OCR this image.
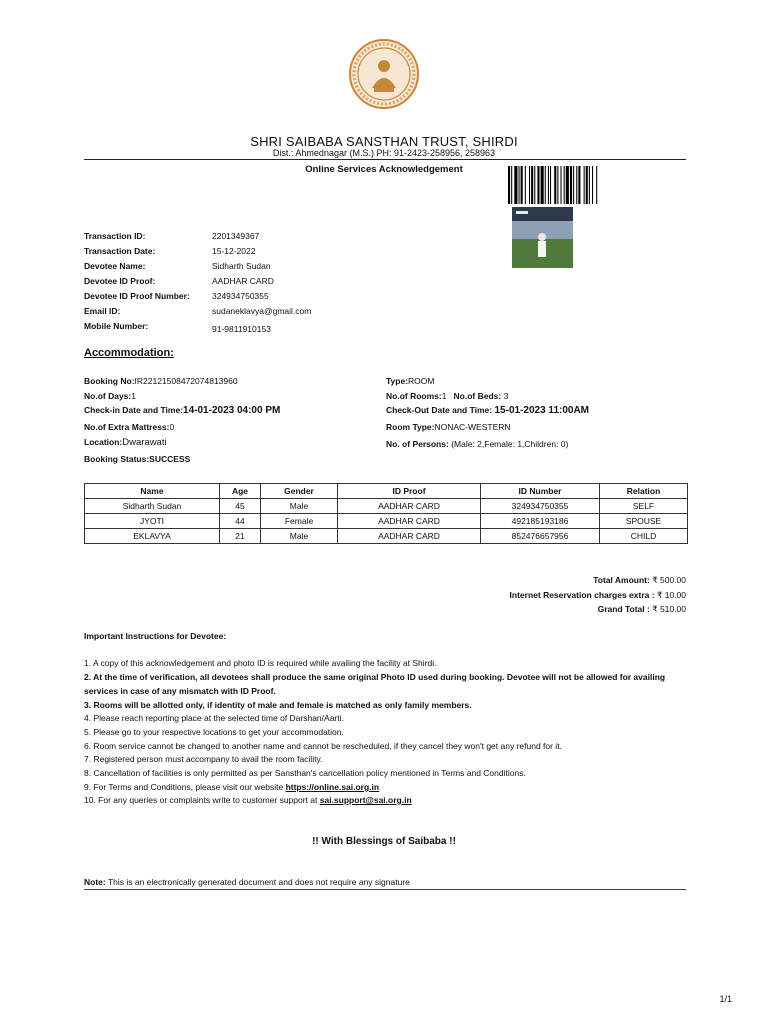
SHRI SAIBABA SANSTHAN TRUST, SHIRDI
Dist.: Ahmednagar (M.S.) PH: 91-2423-258956, 258963
Online Services Acknowledgement
Transaction ID:	2201349367
Transaction Date:	15-12-2022
Devotee Name:	Sidharth Sudan
Devotee ID Proof:	AADHAR CARD
Devotee ID Proof Number:	324934750355
Email ID:	sudaneklavya@gmail.com
Mobile Number:	91-9811910153
Accommodation:
Booking No:IR22121508472074813960
No.of Days:1
Check-in Date and Time:14-01-2023 04:00 PM
No.of Extra Mattress:0
Location:Dwarawati
Booking Status:SUCCESS
Type:ROOM
No.of Rooms:1 No.of Beds: 3
Check-Out Date and Time: 15-01-2023 11:00AM
Room Type:NONAC-WESTERN
No. of Persons: (Male: 2,Female: 1,Children: 0)
Name	Age	Gender	ID Proof	ID Number	Relation
Sidharth Sudan	45	Male	AADHAR CARD	324934750355	SELF
JYOTI	44	Female	AADHAR CARD	492185193186	SPOUSE
EKLAVYA	21	Male	AADHAR CARD	852476657956	CHILD
Total Amount: ₹ 500.00
Internet Reservation charges extra : ₹ 10.00
Grand Total : ₹ 510.00
Important Instructions for Devotee:
1. A copy of this acknowledgement and photo ID is required while availing the facility at Shirdi.
2. At the time of verification, all devotees shall produce the same original Photo ID used during booking. Devotee will not be allowed for availing services in case of any mismatch with ID Proof.
3. Rooms will be allotted only, if identity of male and female is matched as only family members.
4. Please reach reporting place at the selected time of Darshan/Aarti.
5. Please go to your respective locations to get your accommodation.
6. Room service cannot be changed to another name and cannot be rescheduled, if they cancel they won't get any refund for it.
7. Registered person must accompany to avail the room facility.
8. Cancellation of facilities is only permitted as per Sansthan's cancellation policy mentioned in Terms and Conditions.
9. For Terms and Conditions, please visit our website https://online.sai.org.in
10. For any queries or complaints write to customer support at sai.support@sai.org.in
!! With Blessings of Saibaba !!
Note: This is an electronically generated document and does not require any signature
1/1
